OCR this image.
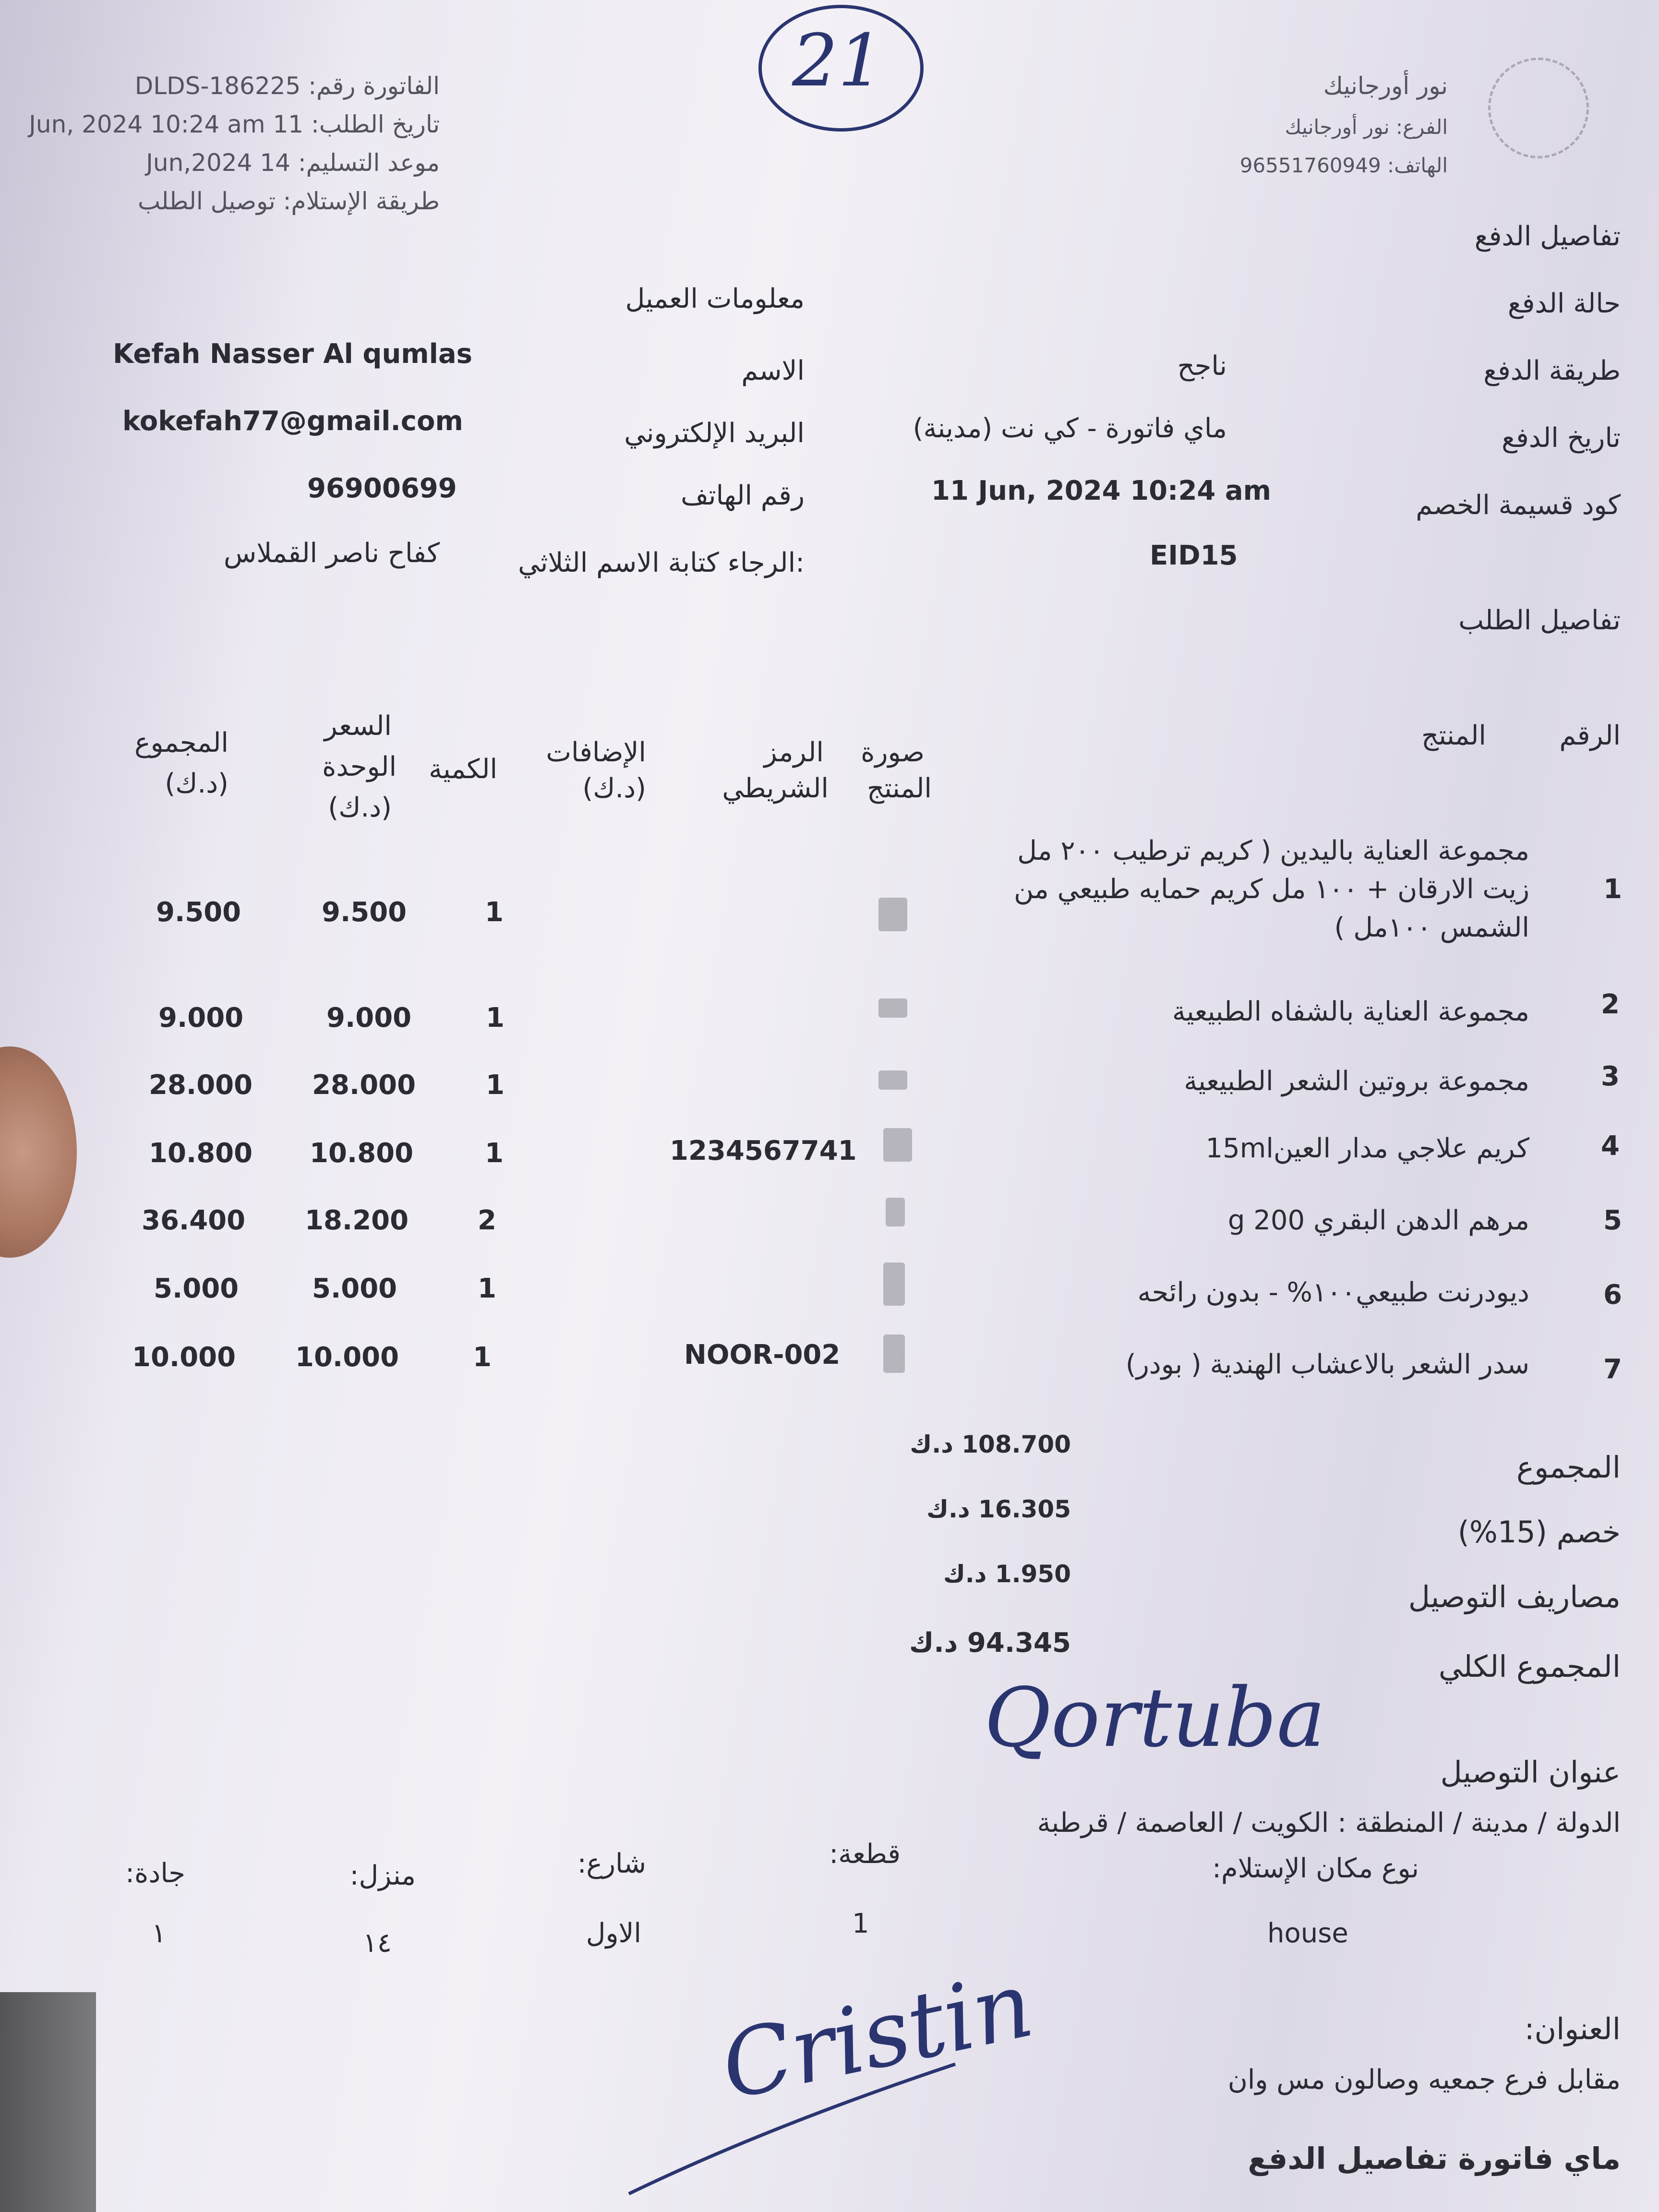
21
الفاتورة رقم: DLDS-186225
تاريخ الطلب: 11 Jun, 2024 10:24 am
موعد التسليم: 14 Jun,2024
طريقة الإستلام: توصيل الطلب
نور أورجانيك
الفرع: نور أورجانيك
الهاتف: 96551760949
تفاصيل الدفع
حالة الدفع
طريقة الدفع
تاريخ الدفع
كود قسيمة الخصم
ناجح
ماي فاتورة - كي نت (مدينة)
11 Jun, 2024 10:24 am
EID15
معلومات العميل
الاسم
البريد الإلكتروني
رقم الهاتف
:الرجاء كتابة الاسم الثلاثي
Kefah Nasser Al qumlas
kokefah77@gmail.com
96900699
كفاح ناصر القملاس
تفاصيل الطلب
الرقم
المنتج
صورة
المنتج
الرمز
الشريطي
الإضافات
(د.ك)
الكمية
السعر
الوحدة
(د.ك)
المجموع
(د.ك)
1
مجموعة العناية باليدين ( كريم ترطيب ٢٠٠ مل
زيت الارقان + ١٠٠ مل كريم حمايه طبيعي من
الشمس ١٠٠مل )
1
9.500
9.500
2
مجموعة العناية بالشفاه الطبيعية
1
9.000
9.000
3
مجموعة بروتين الشعر الطبيعية
1
28.000
28.000
4
كريم علاجي مدار العين15ml
1234567741
1
10.800
10.800
5
مرهم الدهن البقري 200 g
2
18.200
36.400
6
ديودرنت طبيعي١٠٠% - بدون رائحه
1
5.000
5.000
7
سدر الشعر بالاعشاب الهندية ( بودر)
NOOR-002
1
10.000
10.000
المجموع
108.700 د.ك
خصم (15%)
16.305 د.ك
مصاريف التوصيل
1.950 د.ك
المجموع الكلي
94.345 د.ك
Qortuba
عنوان التوصيل
الدولة / مدينة / المنطقة : الكويت / العاصمة / قرطبة
نوع مكان الإستلام:
house
قطعة:
1
شارع:
الاول
منزل:
١٤
جادة:
١
العنوان:
مقابل فرع جمعيه وصالون مس وان
ماي فاتورة تفاصيل الدفع
Cristin
